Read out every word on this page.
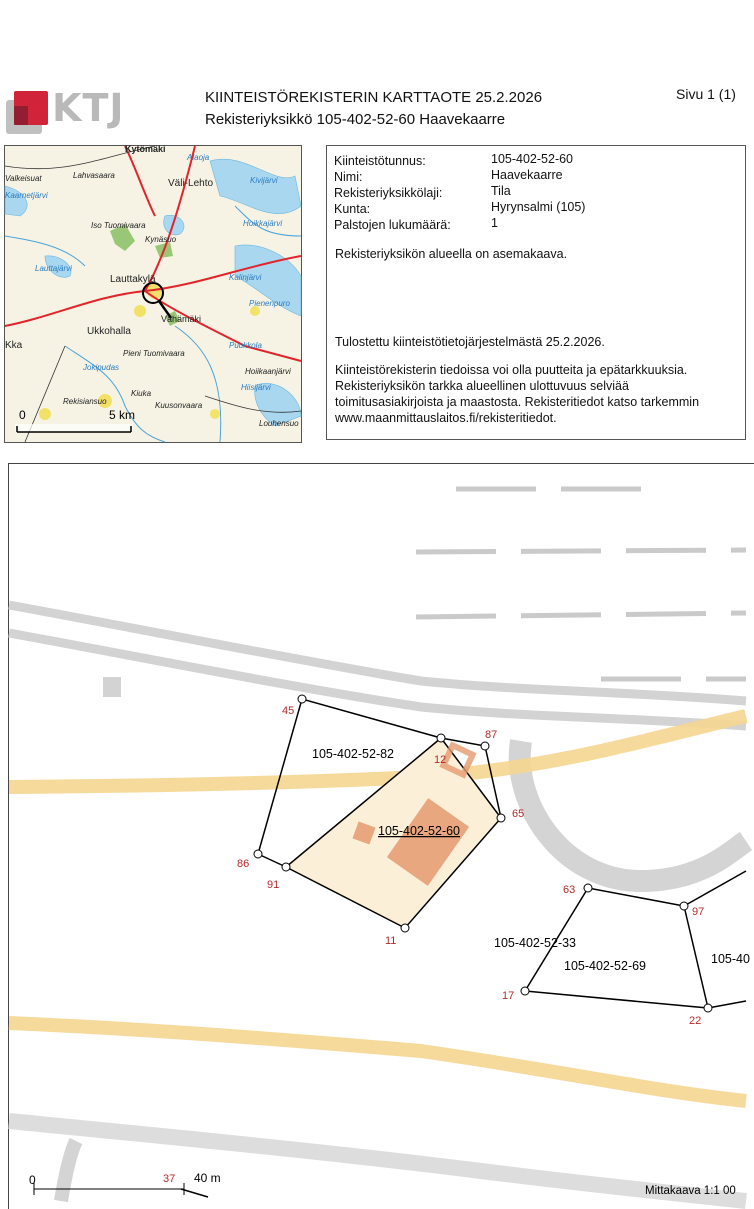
KTJ	KIINTEISTÖREKISTERIN KARTTAOTE 25.2.2026
Rekisteriyksikkö 105-402-52-60 Haavekaarre
Sivu 1 (1)
Kytömäki
Alaoja
Valkeisuat	Lahvasaara
Väli-Lehto	Kivijärvi
Kaarnetjärvi
Iso Tuomivaara
Kynäsuo
Hoikkajärvi
Lauttajärvi
Lauttakylä	Kalinjärvi
Ukkohalla
Vähämäki
Pienenpuro
Pieni Tuomivaara
Kiuka
Puukkola
Hiisijärvi
Hoiikaanjärvi
Kka
Rekisiansuo
Louhensuo
Kuusonvaara
Jokipudas
0	5 km
Kiinteistötunnus:	105-402-52-60
Nimi:	Haavekaarre
Rekisteriyksikkölaji:	Tila
Kunta:	Hyrynsalmi (105)
Palstojen lukumäärä:	1
Rekisteriyksikön alueella on asemakaava.
Tulostettu kiinteistötietojärjestelmästä 25.2.2026.
Kiinteistörekisterin tiedoissa voi olla puutteita ja epätarkkuuksia.
Rekisteriyksikön tarkka alueellinen ulottuvuus selviää
toimitusasiakirjoista ja maastosta. Rekisteritiedot katso tarkemmin
www.maanmittauslaitos.fi/rekisteritiedot.
45
87
12
65
86
91
11
63
97
17
22
37
105-402-52-82
105-402-52-60
105-402-52-33
105-402-52-69	105-40
0	40 m
Mittakaava 1:1 00
